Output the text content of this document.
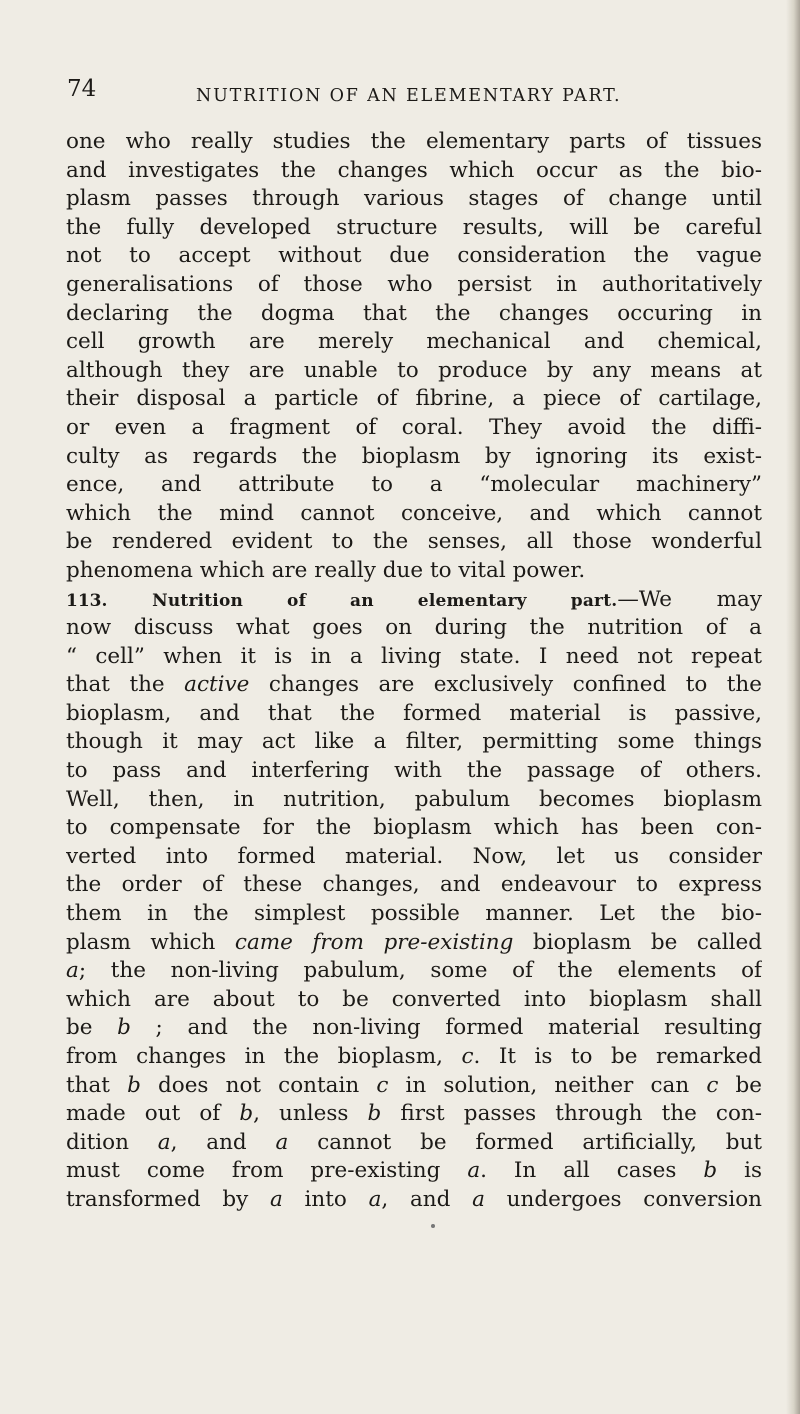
74	NUTRITION OF AN ELEMENTARY PART.
one who really studies the elementary parts of tissues
and investigates the changes which occur as the bio-
plasm passes through various stages of change until
the fully developed structure results, will be careful
not to accept without due consideration the vague
generalisations of those who persist in authoritatively
declaring the dogma that the changes occuring in
cell growth are merely mechanical and chemical,
although they are unable to produce by any means at
their disposal a particle of fibrine, a piece of cartilage,
or even a fragment of coral. They avoid the diffi-
culty as regards the bioplasm by ignoring its exist-
ence, and attribute to a “molecular machinery”
which the mind cannot conceive, and which cannot
be rendered evident to the senses, all those wonderful
phenomena which are really due to vital power.
113.	Nutrition of an elementary part.—We may
now discuss what goes on during the nutrition of a
“ cell” when it is in a living state. I need not repeat
that the active changes are exclusively confined to the
bioplasm, and that the formed material is passive,
though it may act like a filter, permitting some things
to pass and interfering with the passage of others.
Well, then, in nutrition, pabulum becomes bioplasm
to compensate for the bioplasm which has been con-
verted into formed material. Now, let us consider
the order of these changes, and endeavour to express
them in the simplest possible manner. Let the bio-
plasm which came from pre-existing bioplasm be called
a; the non-living pabulum, some of the elements of
which are about to be converted into bioplasm shall
be b ; and the non-living formed material resulting
from changes in the bioplasm, c. It is to be remarked
that b does not contain c in solution, neither can c be
made out of b, unless b first passes through the con-
dition a, and a cannot be formed artificially, but
must come from pre-existing a. In all cases b is
transformed by a into a, and a undergoes conversion
